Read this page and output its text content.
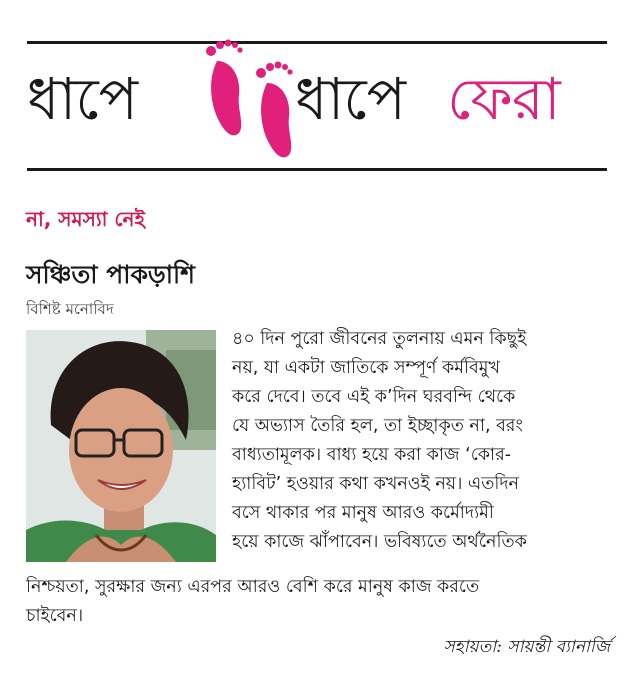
ধাপে	ধাপে ফেরা
না, সমস্যা নেই
সঞ্চিতা পাকড়াশি
বিশিষ্ট মনোবিদ
৪০ দিন পুরো জীবনের তুলনায় এমন কিছুই
নয়, যা একটা জাতিকে সম্পূর্ণ কর্মবিমুখ
করে দেবে। তবে এই ক’দিন ঘরবন্দি থেকে
যে অভ্যাস তৈরি হল, তা ইচ্ছাকৃত না, বরং
বাধ্যতামূলক। বাধ্য হয়ে করা কাজ ‘কোর-
হ্যাবিট’ হওয়ার কথা কখনওই নয়। এতদিন
বসে থাকার পর মানুষ আরও কর্মোদ্যমী
হয়ে কাজে ঝাঁপাবেন। ভবিষ্যতে অর্থনৈতিক
নিশ্চয়তা, সুরক্ষার জন্য এরপর আরও বেশি করে মানুষ কাজ করতে
চাইবেন।
সহায়তা: সায়ন্তী ব্যানার্জি
